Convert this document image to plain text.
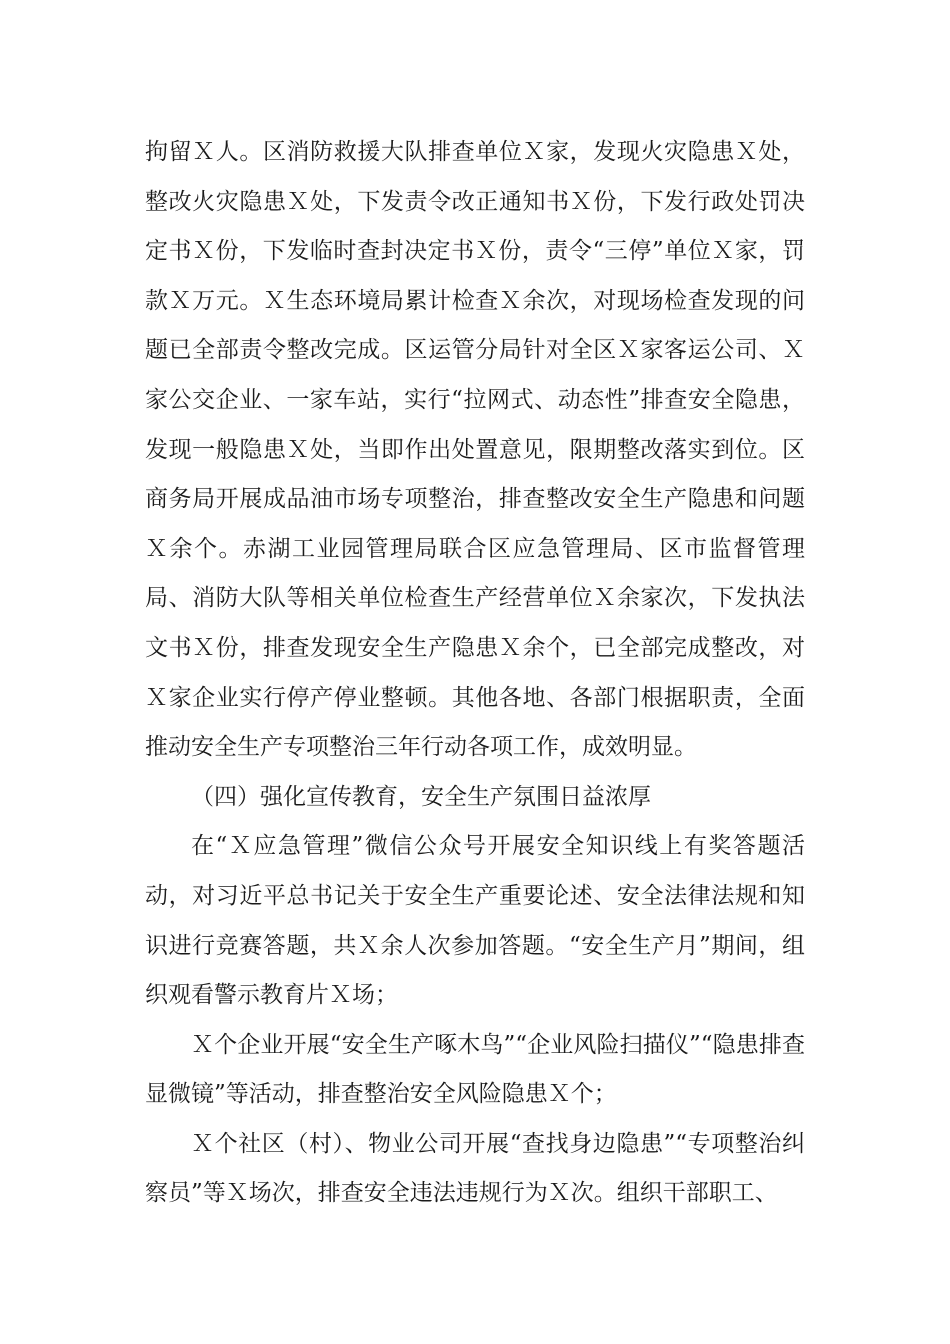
拘留Ｘ人。区消防救援大队排查单位Ｘ家，发现火灾隐患Ｘ处，整改火灾隐患Ｘ处，下发责令改正通知书Ｘ份，下发行政处罚决定书Ｘ份，下发临时查封决定书Ｘ份，责令“三停”单位Ｘ家，罚款Ｘ万元。Ｘ生态环境局累计检查Ｘ余次，对现场检查发现的问题已全部责令整改完成。区运管分局针对全区Ｘ家客运公司、Ｘ家公交企业、一家车站，实行“拉网式、动态性”排查安全隐患，发现一般隐患Ｘ处，当即作出处置意见，限期整改落实到位。区商务局开展成品油市场专项整治，排查整改安全生产隐患和问题Ｘ余个。赤湖工业园管理局联合区应急管理局、区市监督管理局、消防大队等相关单位检查生产经营单位Ｘ余家次，下发执法文书Ｘ份，排查发现安全生产隐患Ｘ余个，已全部完成整改，对Ｘ家企业实行停产停业整顿。其他各地、各部门根据职责，全面推动安全生产专项整治三年行动各项工作，成效明显。

（四）强化宣传教育，安全生产氛围日益浓厚

在“Ｘ应急管理”微信公众号开展安全知识线上有奖答题活动，对习近平总书记关于安全生产重要论述、安全法律法规和知识进行竞赛答题，共Ｘ余人次参加答题。“安全生产月”期间，组织观看警示教育片Ｘ场；

Ｘ个企业开展“安全生产啄木鸟”“企业风险扫描仪”“隐患排查显微镜”等活动，排查整治安全风险隐患Ｘ个；

Ｘ个社区（村）、物业公司开展“查找身边隐患”“专项整治纠察员”等Ｘ场次，排查安全违法违规行为Ｘ次。组织干部职工、
